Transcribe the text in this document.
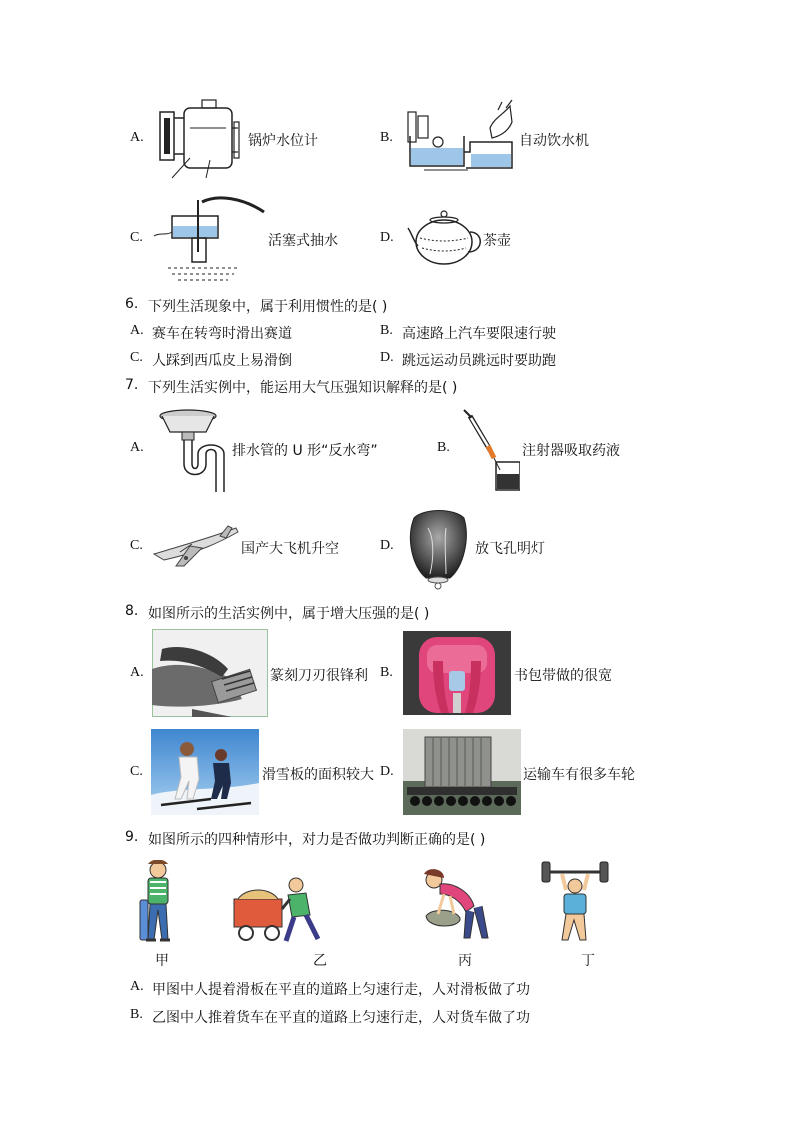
A.	锅炉水位计	B.	自动饮水机
C.	活塞式抽水	D.	茶壶
6. 下列生活现象中，属于利用惯性的是( )
A. 赛车在转弯时滑出赛道	B. 高速路上汽车要限速行驶
C. 人踩到西瓜皮上易滑倒	D. 跳远运动员跳远时要助跑
7. 下列生活实例中，能运用大气压强知识解释的是( )
A.	排水管的 U 形“反水弯”	B.	注射器吸取药液
C.	国产大飞机升空	D.	放飞孔明灯
8. 如图所示的生活实例中，属于增大压强的是( )
A.	篆刻刀刃很锋利 B.	书包带做的很宽
C.	滑雪板的面积较大 D.	运输车有很多车轮
9. 如图所示的四种情形中，对力是否做功判断正确的是( )
甲	乙	丙	丁
A. 甲图中人提着滑板在平直的道路上匀速行走，人对滑板做了功
B. 乙图中人推着货车在平直的道路上匀速行走，人对货车做了功
